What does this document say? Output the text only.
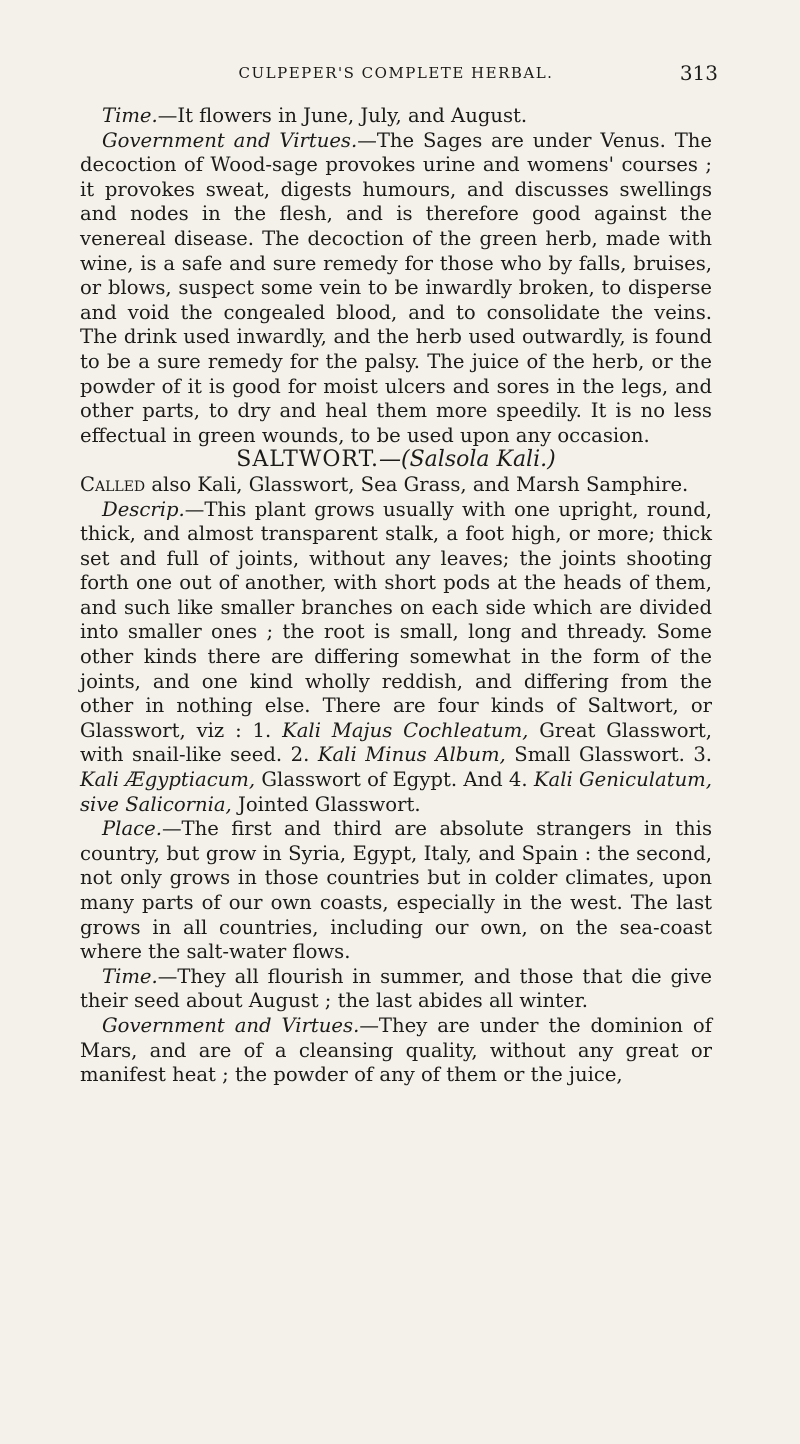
CULPEPER'S COMPLETE HERBAL.	313

Time.—It flowers in June, July, and August.

Government and Virtues.—The Sages are under Venus. The decoction of Wood-sage provokes urine and womens' courses ; it provokes sweat, digests humours, and discusses swellings and nodes in the flesh, and is therefore good against the venereal disease. The decoction of the green herb, made with wine, is a safe and sure remedy for those who by falls, bruises, or blows, suspect some vein to be inwardly broken, to disperse and void the congealed blood, and to consolidate the veins. The drink used inwardly, and the herb used outwardly, is found to be a sure remedy for the palsy. The juice of the herb, or the powder of it is good for moist ulcers and sores in the legs, and other parts, to dry and heal them more speedily. It is no less effectual in green wounds, to be used upon any occasion.

SALTWORT.—(Salsola Kali.)

Called also Kali, Glasswort, Sea Grass, and Marsh Samphire.

Descrip.—This plant grows usually with one upright, round, thick, and almost transparent stalk, a foot high, or more; thick set and full of joints, without any leaves; the joints shooting forth one out of another, with short pods at the heads of them, and such like smaller branches on each side which are divided into smaller ones ; the root is small, long and thready. Some other kinds there are differing somewhat in the form of the joints, and one kind wholly reddish, and differing from the other in nothing else. There are four kinds of Saltwort, or Glasswort, viz : 1. Kali Majus Cochleatum, Great Glasswort, with snail-like seed. 2. Kali Minus Album, Small Glasswort. 3. Kali Ægyptiacum, Glasswort of Egypt. And 4. Kali Geniculatum, sive Salicornia, Jointed Glasswort.

Place.—The first and third are absolute strangers in this country, but grow in Syria, Egypt, Italy, and Spain : the second, not only grows in those countries but in colder climates, upon many parts of our own coasts, especially in the west. The last grows in all countries, including our own, on the sea-coast where the salt-water flows.

Time.—They all flourish in summer, and those that die give their seed about August ; the last abides all winter.

Government and Virtues.—They are under the dominion of Mars, and are of a cleansing quality, without any great or manifest heat ; the powder of any of them or the juice,
